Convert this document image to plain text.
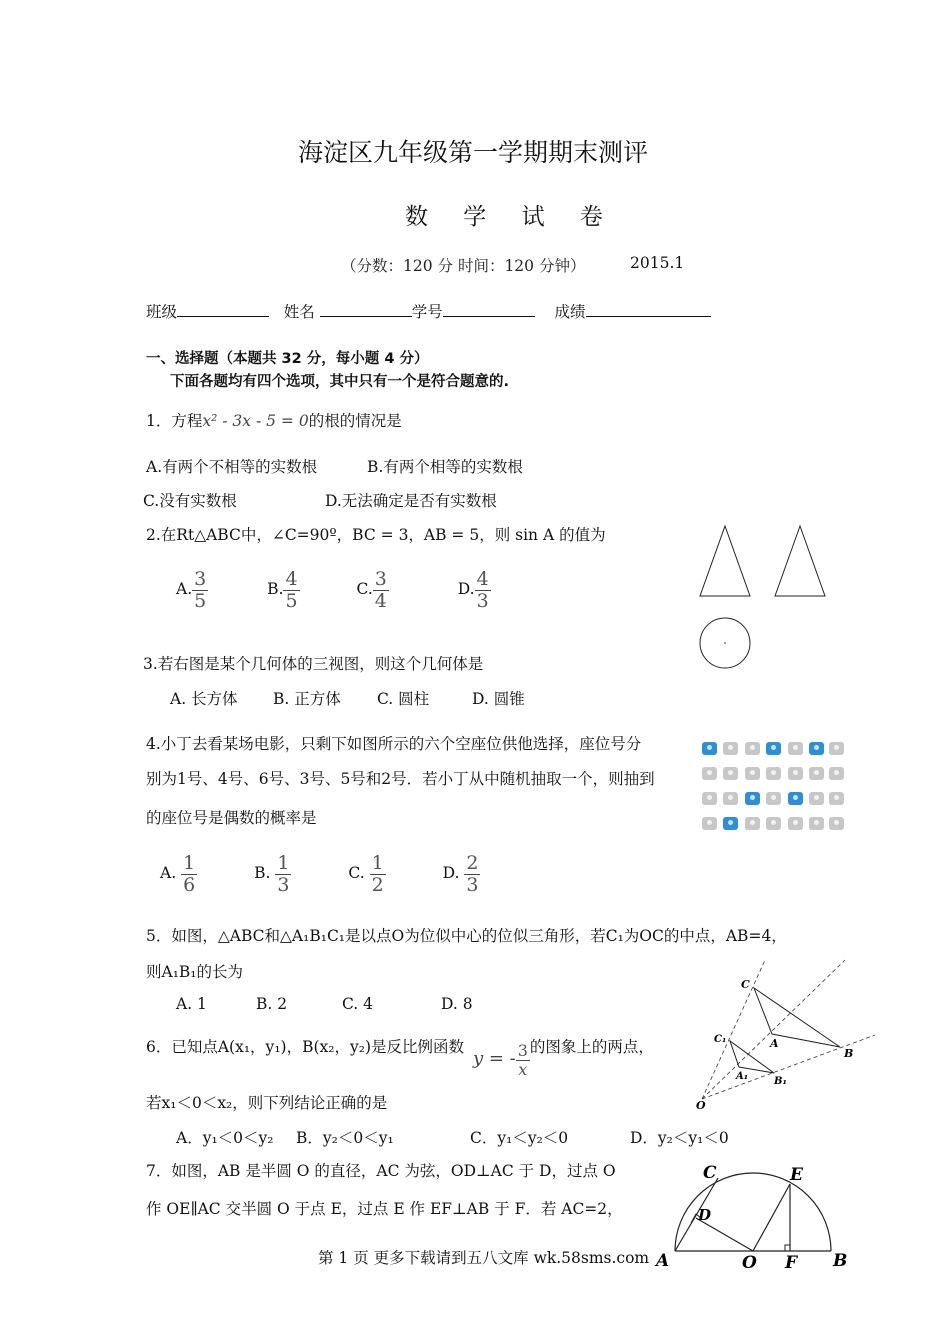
海淀区九年级第一学期期末测评
数 学 试 卷
（分数：120 分 时间：120 分钟）	2015.1
班级	姓名	学号	成绩
一、选择题（本题共 32 分，每小题 4 分）
下面各题均有四个选项，其中只有一个是符合题意的.
1．方程x² - 3x - 5 = 0的根的情况是
A.有两个不相等的实数根	B.有两个相等的实数根
C.没有实数根	D.无法确定是否有实数根
2.在Rt△ABC中，∠C=90º，BC = 3，AB = 5，则 sin A 的值为
A. $\frac{3}{5}$	B. $\frac{4}{5}$	C. $\frac{3}{4}$	D. $\frac{4}{3}$
3.若右图是某个几何体的三视图，则这个几何体是
A. 长方体 B. 正方体 C. 圆柱	D. 圆锥
4.小丁去看某场电影，只剩下如图所示的六个空座位供他选择，座位号分
别为1号、4号、6号、3号、5号和2号．若小丁从中随机抽取一个，则抽到
的座位号是偶数的概率是
A. $\frac{1}{6}$	B. $\frac{1}{3}$	C. $\frac{1}{2}$	D. $\frac{2}{3}$
5．如图，△ABC和△A₁B₁C₁是以点O为位似中心的位似三角形，若C₁为OC的中点，AB=4，
则A₁B₁的长为
A. 1	B. 2	C. 4	D. 8
C
A
B
C₁
A₁	B₁
O
6．已知点A(x₁，y₁)，B(x₂，y₂)是反比例函数 y = - $\frac{3}{x}$ 的图象上的两点，
若x₁＜0＜x₂，则下列结论正确的是
A．y₁＜0＜y₂ B．y₂＜0＜y₁	C．y₁＜y₂＜0	D．y₂＜y₁＜0
7．如图，AB 是半圆 O 的直径，AC 为弦，OD⊥AC 于 D，过点 O
作 OE∥AC 交半圆 O 于点 E，过点 E 作 EF⊥AB 于 F．若 AC=2，
C	E
D
A	O F B
第 1 页 更多下载请到五八文库 wk.58sms.com
